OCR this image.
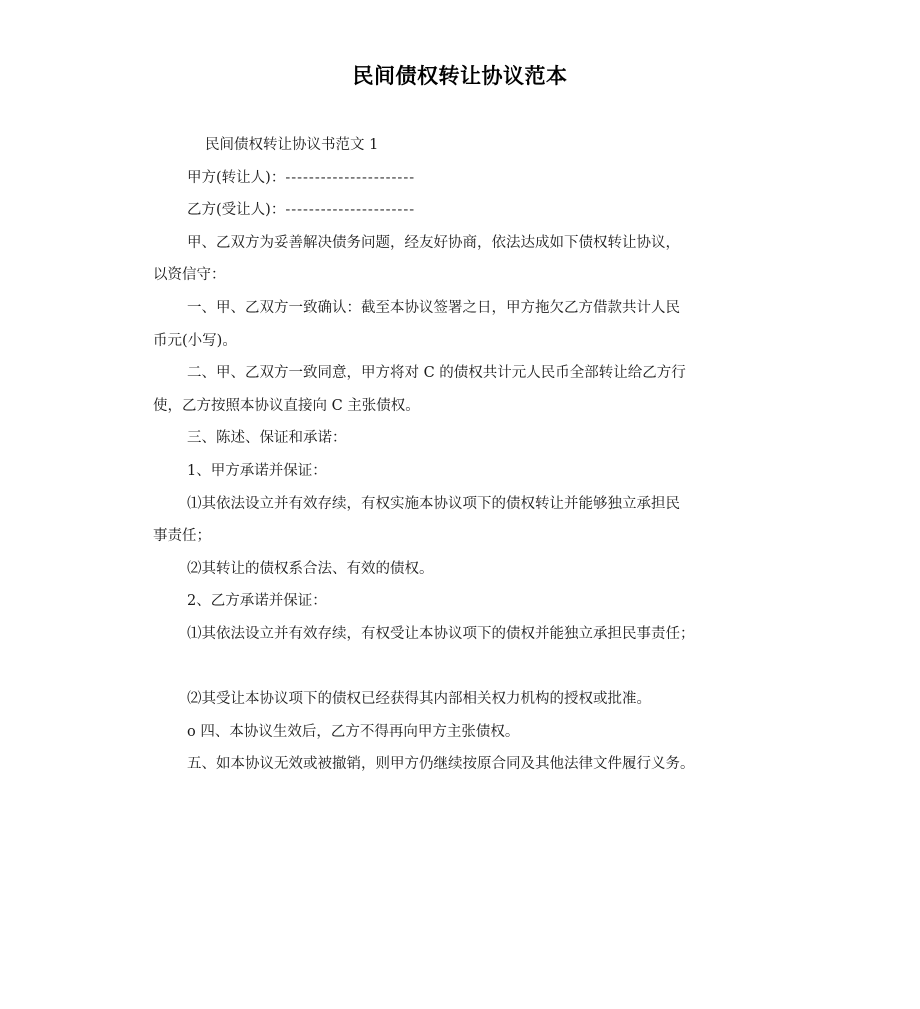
民间债权转让协议范本
民间债权转让协议书范文 1
甲方(转让人)：----------------------
乙方(受让人)：----------------------
甲、乙双方为妥善解决债务问题，经友好协商，依法达成如下债权转让协议，
以资信守：
一、甲、乙双方一致确认：截至本协议签署之日，甲方拖欠乙方借款共计人民
币元(小写)。
二、甲、乙双方一致同意，甲方将对 C 的债权共计元人民币全部转让给乙方行
使，乙方按照本协议直接向 C 主张债权。
三、陈述、保证和承诺：
1、甲方承诺并保证：
⑴其依法设立并有效存续，有权实施本协议项下的债权转让并能够独立承担民
事责任；
⑵其转让的债权系合法、有效的债权。
2、乙方承诺并保证：
⑴其依法设立并有效存续，有权受让本协议项下的债权并能独立承担民事责任；
⑵其受让本协议项下的债权已经获得其内部相关权力机构的授权或批准。
o 四、本协议生效后，乙方不得再向甲方主张债权。
五、如本协议无效或被撤销，则甲方仍继续按原合同及其他法律文件履行义务。
